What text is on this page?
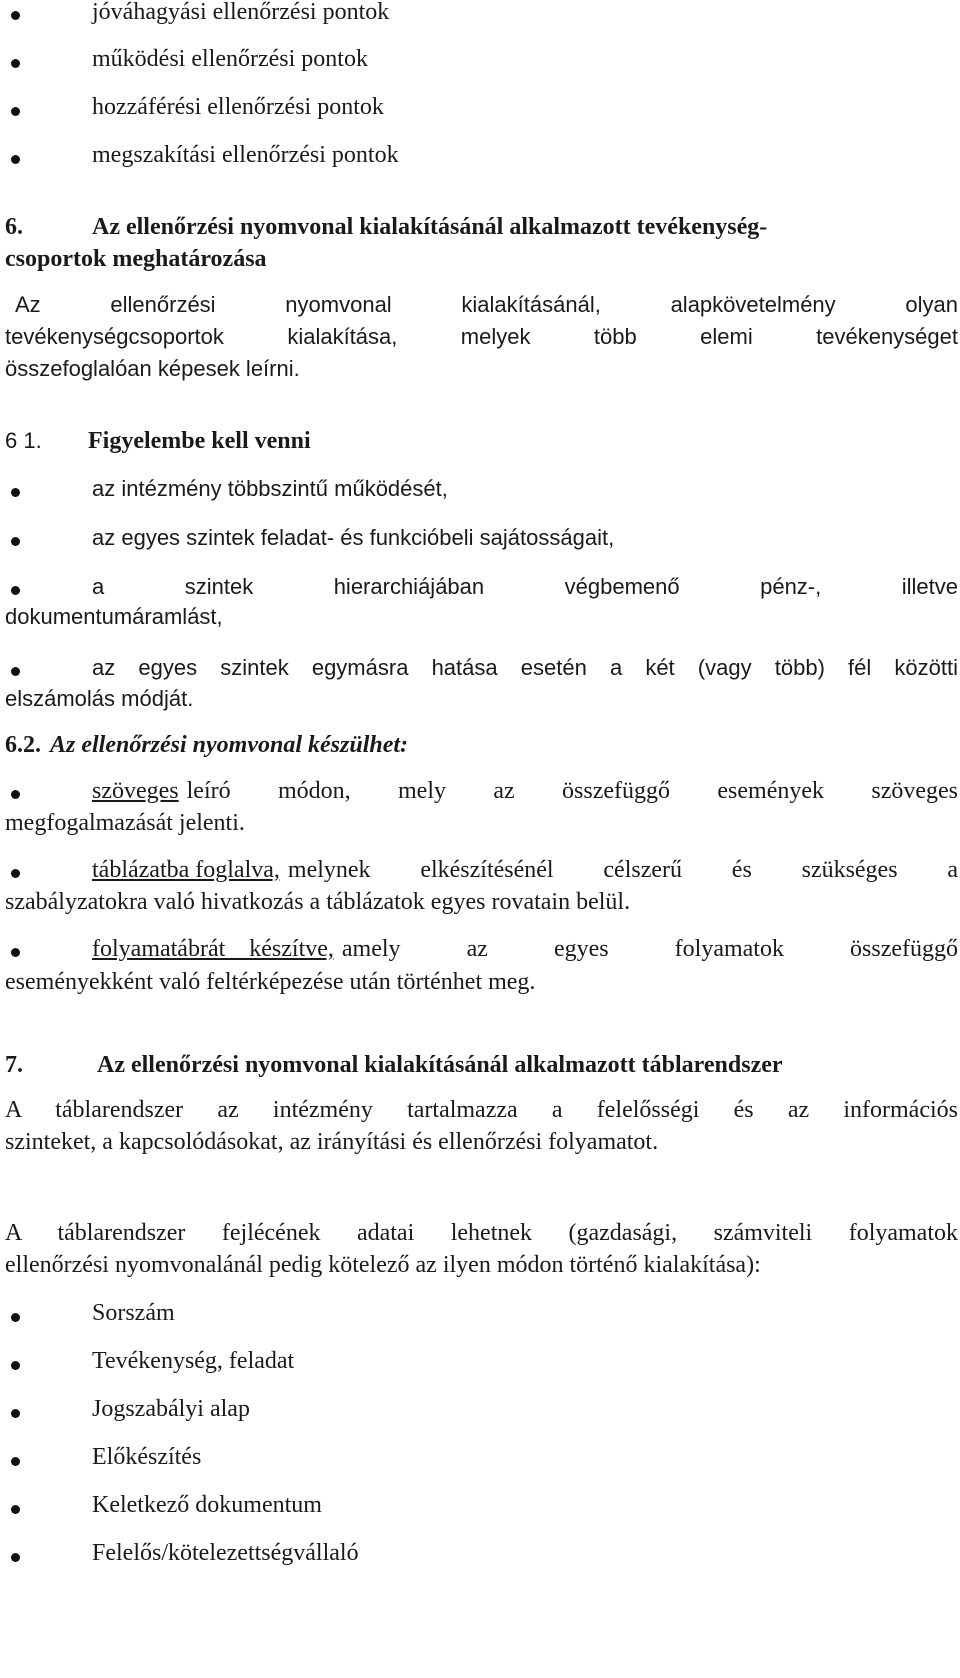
jóváhagyási ellenőrzési pontok
működési ellenőrzési pontok
hozzáférési ellenőrzési pontok
megszakítási ellenőrzési pontok
6.	Az ellenőrzési nyomvonal kialakításánál alkalmazott tevékenység-
csoportok meghatározása
Az ellenőrzési nyomvonal kialakításánál, alapkövetelmény olyan
tevékenységcsoportok kialakítása, melyek több elemi tevékenységet
összefoglalóan képesek leírni.
6 1. Figyelembe kell venni
az intézmény többszintű működését,
az egyes szintek feladat- és funkcióbeli sajátosságait,
a szintek hierarchiájában végbemenő pénz-, illetve
dokumentumáramlást,
az egyes szintek egymásra hatása esetén a két (vagy több) fél közötti
elszámolás módját.
6.2. Az ellenőrzési nyomvonal készülhet:
szöveges leíró módon, mely az összefüggő események szöveges
megfogalmazását jelenti.
táblázatba foglalva, melynek elkészítésénél célszerű és szükséges a
szabályzatokra való hivatkozás a táblázatok egyes rovatain belül.
folyamatábrát készítve, amely az egyes folyamatok összefüggő
eseményekként való feltérképezése után történhet meg.
7.	Az ellenőrzési nyomvonal kialakításánál alkalmazott táblarendszer
A táblarendszer az intézmény tartalmazza a felelősségi és az információs
szinteket, a kapcsolódásokat, az irányítási és ellenőrzési folyamatot.
A táblarendszer fejlécének adatai lehetnek (gazdasági, számviteli folyamatok
ellenőrzési nyomvonalánál pedig kötelező az ilyen módon történő kialakítása):
Sorszám
Tevékenység, feladat
Jogszabályi alap
Előkészítés
Keletkező dokumentum
Felelős/kötelezettségvállaló
